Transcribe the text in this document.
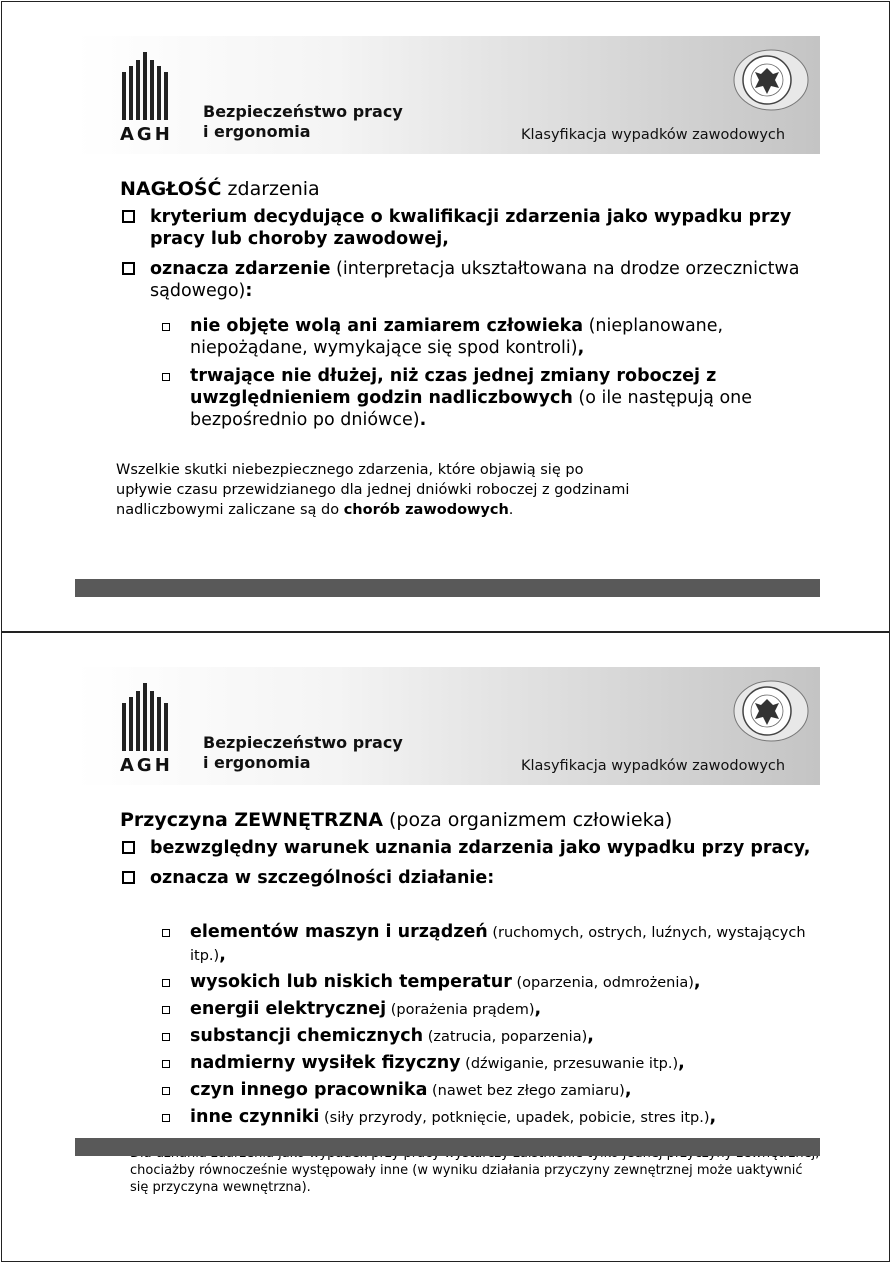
AGH
Bezpieczeństwo pracy
i ergonomia	Klasyfikacja wypadków zawodowych
NAGŁOŚĆ zdarzenia
kryterium decydujące o kwalifikacji zdarzenia jako wypadku przy pracy lub choroby zawodowej,
oznacza zdarzenie (interpretacja ukształtowana na drodze orzecznictwa sądowego):
nie objęte wolą ani zamiarem człowieka (nieplanowane, niepożądane, wymykające się spod kontroli),
trwające nie dłużej, niż czas jednej zmiany roboczej z uwzględnieniem godzin nadliczbowych (o ile następują one bezpośrednio po dniówce).
Wszelkie skutki niebezpiecznego zdarzenia, które objawią się po upływie czasu przewidzianego dla jednej dniówki roboczej z godzinami nadliczbowymi zaliczane są do chorób zawodowych.
AGH
Bezpieczeństwo pracy
i ergonomia	Klasyfikacja wypadków zawodowych
Przyczyna ZEWNĘTRZNA (poza organizmem człowieka)
bezwzględny warunek uznania zdarzenia jako wypadku przy pracy,
oznacza w szczególności działanie:
elementów maszyn i urządzeń (ruchomych, ostrych, luźnych, wystających itp.),
wysokich lub niskich temperatur (oparzenia, odmrożenia),
energii elektrycznej (porażenia prądem),
substancji chemicznych (zatrucia, poparzenia),
nadmierny wysiłek fizyczny (dźwiganie, przesuwanie itp.),
czyn innego pracownika (nawet bez złego zamiaru),
inne czynniki (siły przyrody, potknięcie, upadek, pobicie, stres itp.),
chociażby równocześnie występowały inne (w wyniku działania przyczyny zewnętrznej może uaktywnić się przyczyna wewnętrzna).
